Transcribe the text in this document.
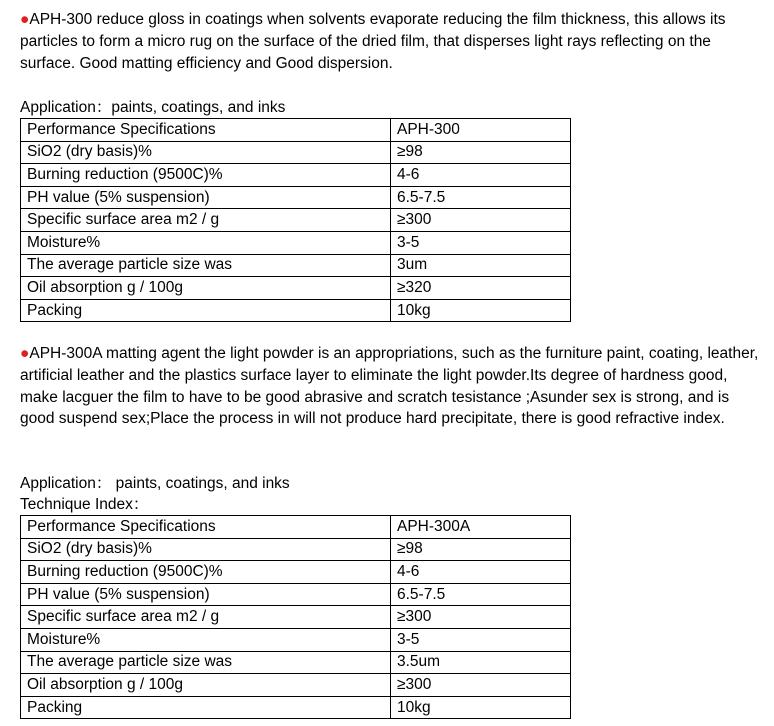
●APH-300 reduce gloss in coatings when solvents evaporate reducing the film thickness, this allows its particles to form a micro rug on the surface of the dried film, that disperses light rays reflecting on the surface. Good matting efficiency and Good dispersion.

Application：paints, coatings, and inks

Performance Specifications	APH-300
SiO2 (dry basis)%	≥98
Burning reduction (9500C)%	4-6
PH value (5% suspension)	6.5-7.5
Specific surface area m2 / g	≥300
Moisture%	3-5
The average particle size was	3um
Oil absorption g / 100g	≥320
Packing	10kg

●APH-300A matting agent the light powder is an appropriations, such as the furniture paint, coating, leather, artificial leather and the plastics surface layer to eliminate the light powder.Its degree of hardness good, make lacguer the film to have to be good abrasive and scratch tesistance ;Asunder sex is strong, and is good suspend sex;Place the process in will not produce hard precipitate, there is good refractive index.

Application： paints, coatings, and inks

Technique Index：

Performance Specifications	APH-300A
SiO2 (dry basis)%	≥98
Burning reduction (9500C)%	4-6
PH value (5% suspension)	6.5-7.5
Specific surface area m2 / g	≥300
Moisture%	3-5
The average particle size was	3.5um
Oil absorption g / 100g	≥300
Packing	10kg
